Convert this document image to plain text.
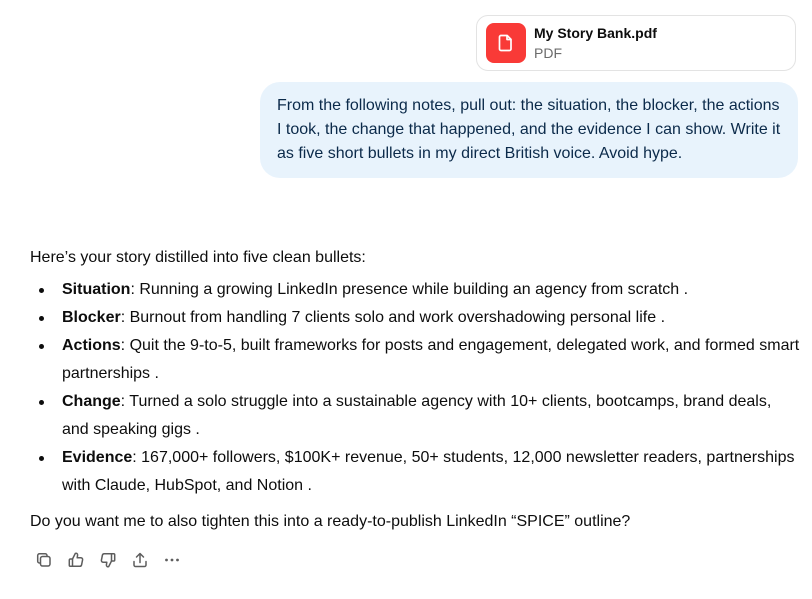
My Story Bank.pdf
PDF
From the following notes, pull out: the situation, the blocker, the actions I took, the change that happened, and the evidence I can show. Write it as five short bullets in my direct British voice. Avoid hype.

Here’s your story distilled into five clean bullets:

Situation: Running a growing LinkedIn presence while building an agency from scratch .
Blocker: Burnout from handling 7 clients solo and work overshadowing personal life .
Actions: Quit the 9-to-5, built frameworks for posts and engagement, delegated work, and formed smart partnerships .
Change: Turned a solo struggle into a sustainable agency with 10+ clients, bootcamps, brand deals, and speaking gigs .
Evidence: 167,000+ followers, $100K+ revenue, 50+ students, 12,000 newsletter readers, partnerships with Claude, HubSpot, and Notion .

Do you want me to also tighten this into a ready-to-publish LinkedIn “SPICE” outline?
